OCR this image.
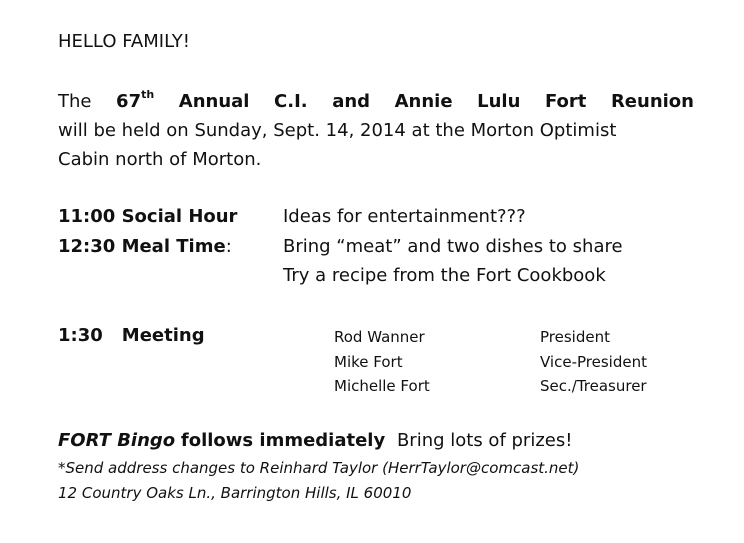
HELLO FAMILY!
The 67th Annual C.I. and Annie Lulu Fort Reunion
will be held on Sunday, Sept. 14, 2014 at the Morton Optimist
Cabin north of Morton.
11:00 Social Hour	Ideas for entertainment???
12:30 Meal Time:	Bring “meat” and two dishes to share
Try a recipe from the Fort Cookbook
1:30 Meeting	Rod Wanner	President
Mike Fort	Vice-President
Michelle Fort	Sec./Treasurer
FORT Bingo follows immediately Bring lots of prizes!
*Send address changes to Reinhard Taylor (HerrTaylor@comcast.net)
12 Country Oaks Ln., Barrington Hills, IL 60010
